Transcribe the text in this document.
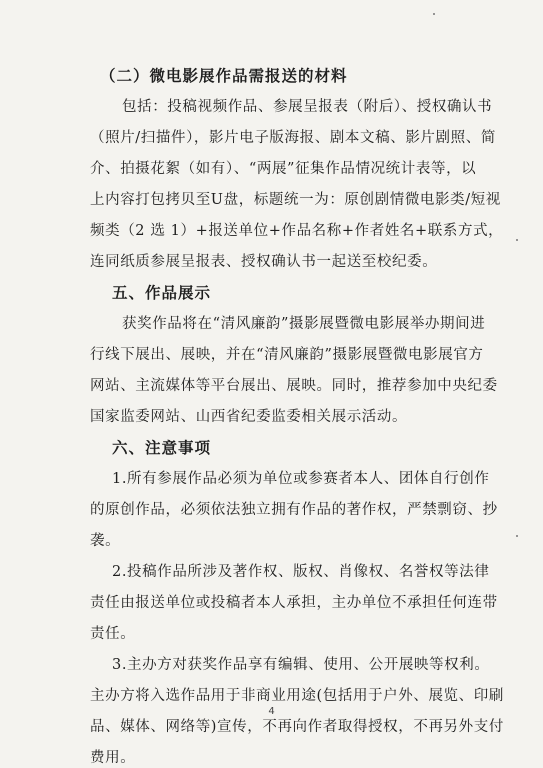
（二）微电影展作品需报送的材料
包括：投稿视频作品、参展呈报表（附后）、授权确认书
（照片/扫描件），影片电子版海报、剧本文稿、影片剧照、简
介、拍摄花絮（如有）、“两展”征集作品情况统计表等，以
上内容打包拷贝至U盘，标题统一为：原创剧情微电影类/短视
频类（2 选 1）+报送单位+作品名称+作者姓名+联系方式，
连同纸质参展呈报表、授权确认书一起送至校纪委。
五、作品展示
获奖作品将在“清风廉韵”摄影展暨微电影展举办期间进
行线下展出、展映，并在“清风廉韵”摄影展暨微电影展官方
网站、主流媒体等平台展出、展映。同时，推荐参加中央纪委
国家监委网站、山西省纪委监委相关展示活动。
六、注意事项
1.所有参展作品必须为单位或参赛者本人、团体自行创作
的原创作品，必须依法独立拥有作品的著作权，严禁剽窃、抄
袭。
2.投稿作品所涉及著作权、版权、肖像权、名誉权等法律
责任由报送单位或投稿者本人承担，主办单位不承担任何连带
责任。
3.主办方对获奖作品享有编辑、使用、公开展映等权利。
主办方将入选作品用于非商业用途(包括用于户外、展览、印刷
品、媒体、网络等)宣传，不再向作者取得授权，不再另外支付
费用。
4
